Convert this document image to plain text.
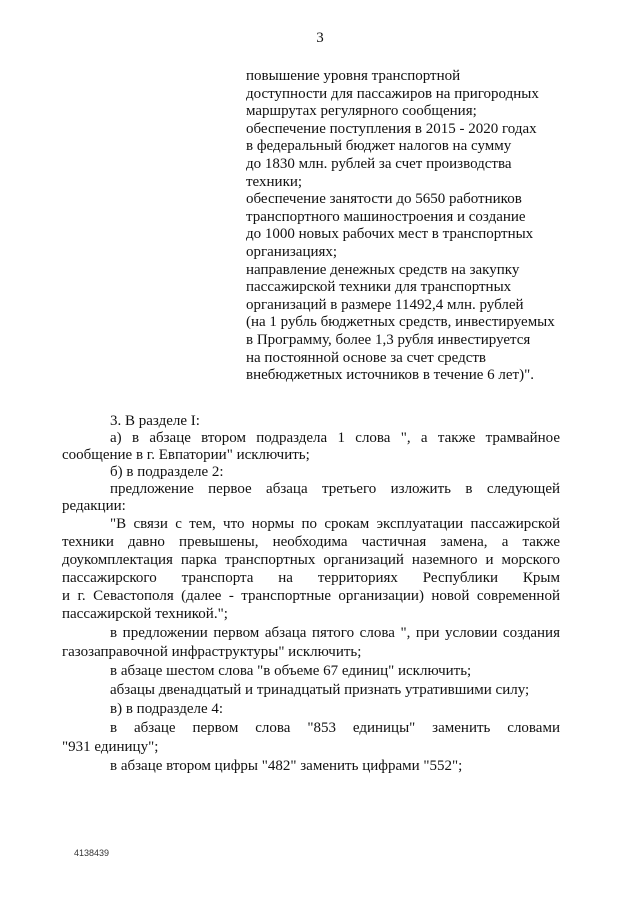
3
повышение уровня транспортной
доступности для пассажиров на пригородных
маршрутах регулярного сообщения;
обеспечение поступления в 2015 - 2020 годах
в федеральный бюджет налогов на сумму
до 1830 млн. рублей за счет производства
техники;
обеспечение занятости до 5650 работников
транспортного машиностроения и создание
до 1000 новых рабочих мест в транспортных
организациях;
направление денежных средств на закупку
пассажирской техники для транспортных
организаций в размере 11492,4 млн. рублей
(на 1 рубль бюджетных средств, инвестируемых
в Программу, более 1,3 рубля инвестируется
на постоянной основе за счет средств
внебюджетных источников в течение 6 лет)".
3. В разделе I:
а) в абзаце втором подраздела 1 слова ", а также трамвайное
сообщение в г. Евпатории" исключить;
б) в подразделе 2:
предложение первое абзаца третьего изложить в следующей
редакции:
"В связи с тем, что нормы по срокам эксплуатации пассажирской
техники давно превышены, необходима частичная замена, а также
доукомплектация парка транспортных организаций наземного и морского
пассажирского транспорта на территориях Республики Крым
и г. Севастополя (далее - транспортные организации) новой современной
пассажирской техникой.";
в предложении первом абзаца пятого слова ", при условии создания
газозаправочной инфраструктуры" исключить;
в абзаце шестом слова "в объеме 67 единиц" исключить;
абзацы двенадцатый и тринадцатый признать утратившими силу;
в) в подразделе 4:
в абзаце первом слова "853 единицы" заменить словами
"931 единицу";
в абзаце втором цифры "482" заменить цифрами "552";
4138439
